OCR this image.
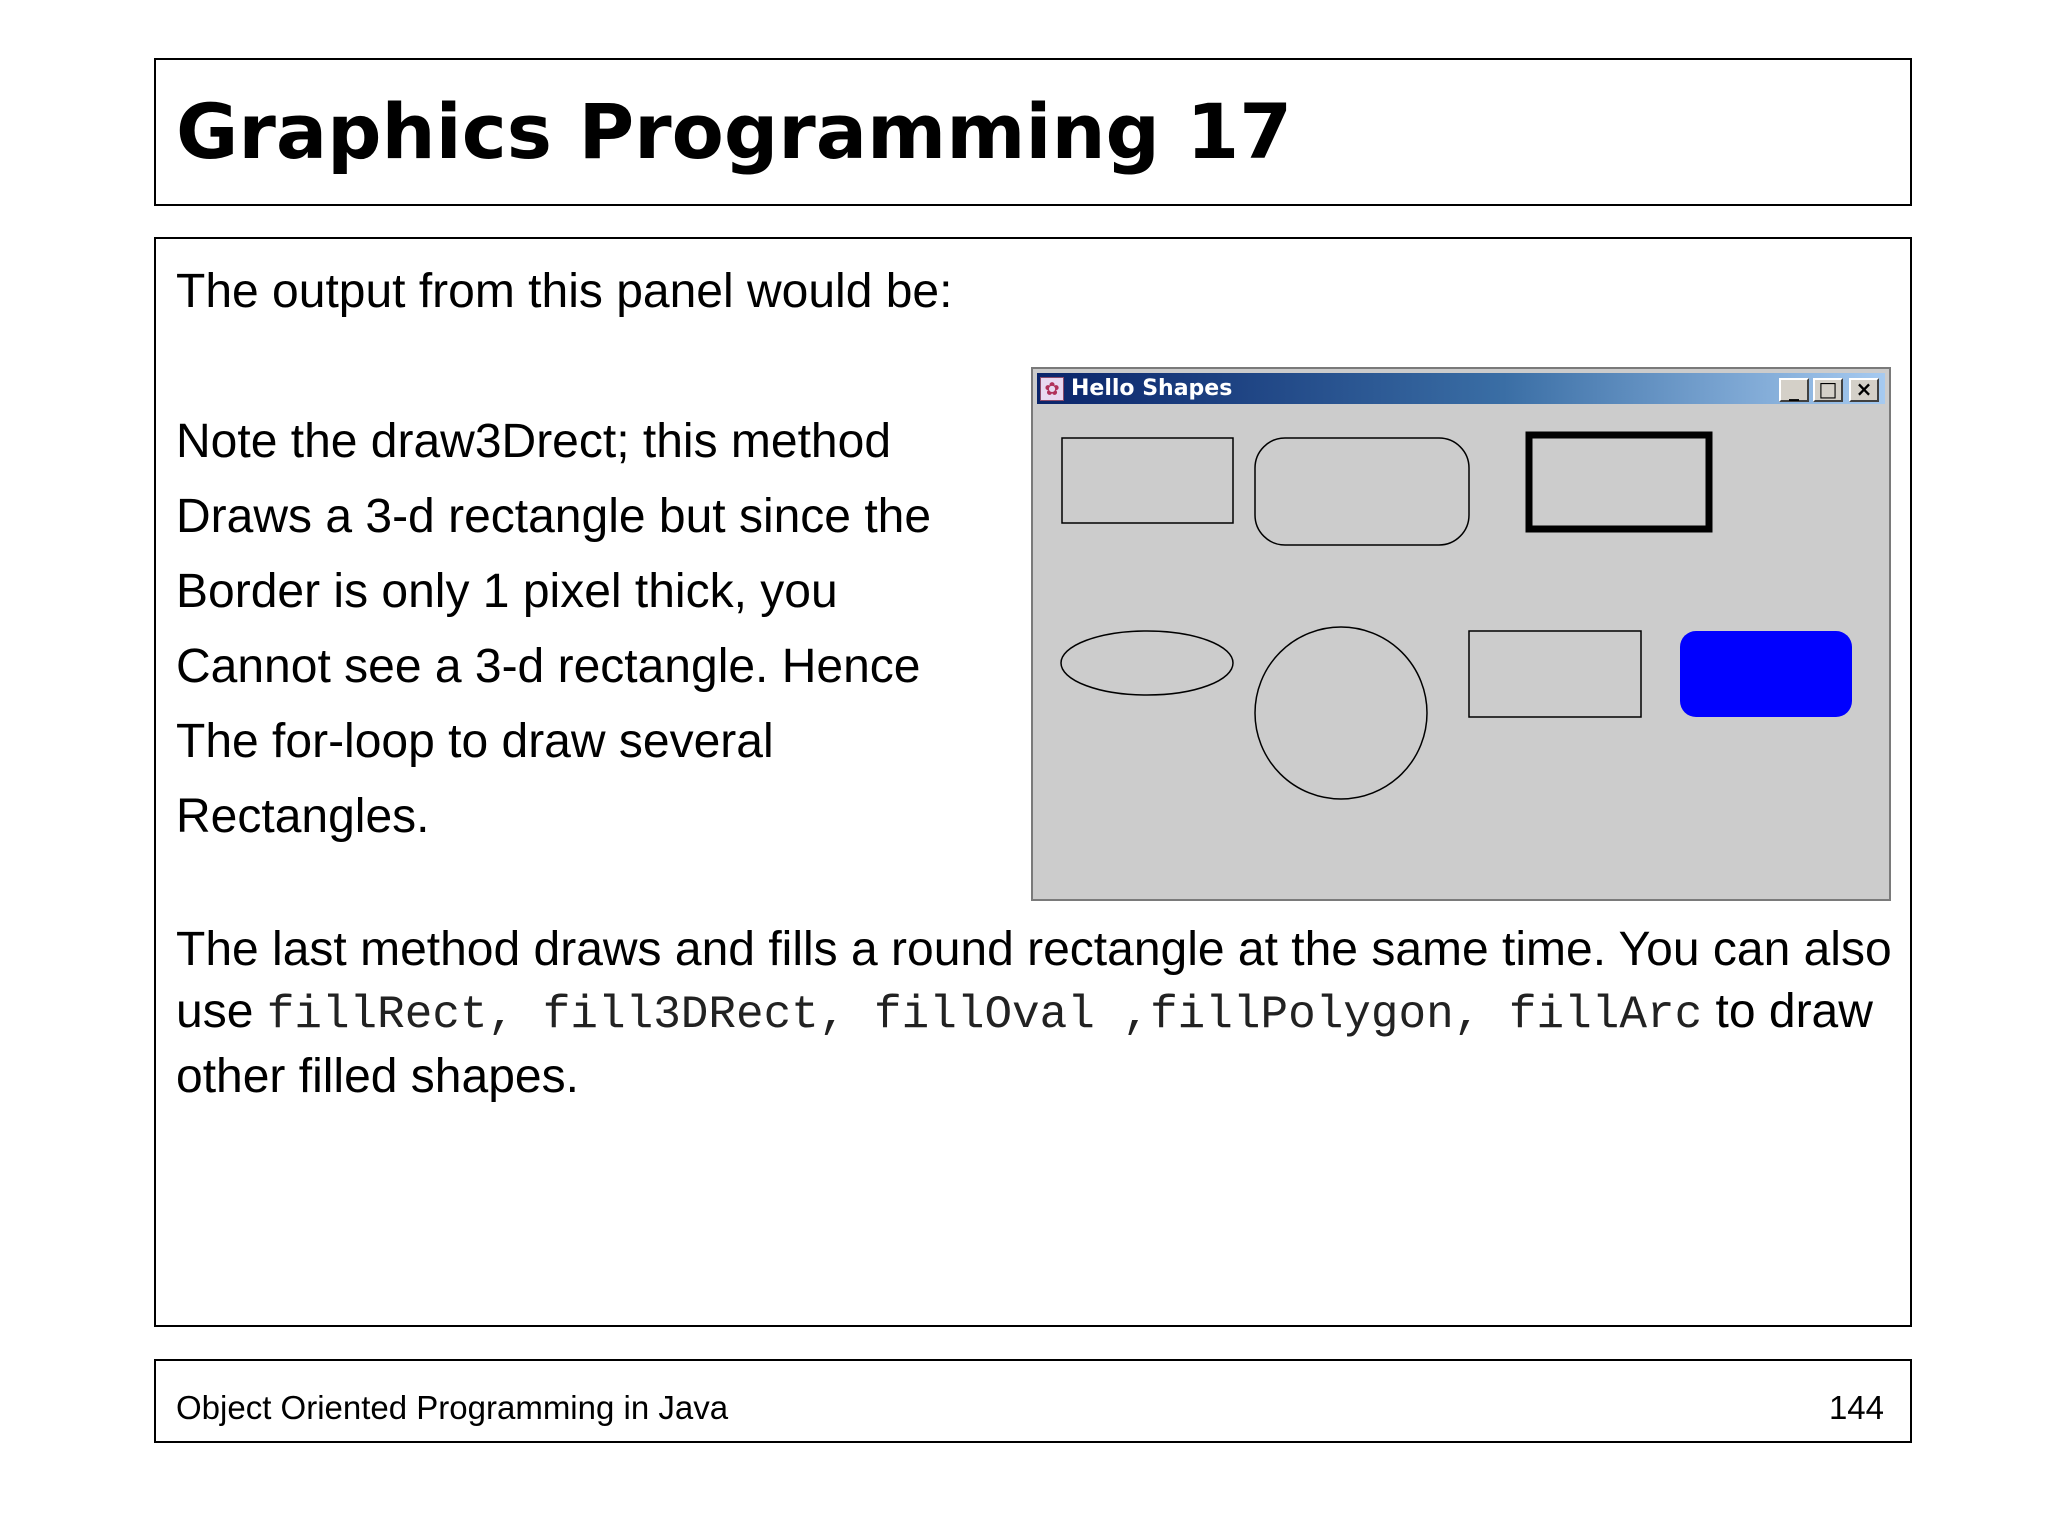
Graphics Programming 17
The output from this panel would be:
Note the draw3Drect; this method
Draws a 3-d rectangle but since the
Border is only 1 pixel thick, you
Cannot see a 3-d rectangle. Hence
The for-loop to draw several
Rectangles.
The last method draws and fills a round rectangle at the same time. You can also use fillRect, fill3DRect, fillOval ,fillPolygon, fillArc to draw other filled shapes.
✿ Hello Shapes	_ □ ×
Object Oriented Programming in Java	144
